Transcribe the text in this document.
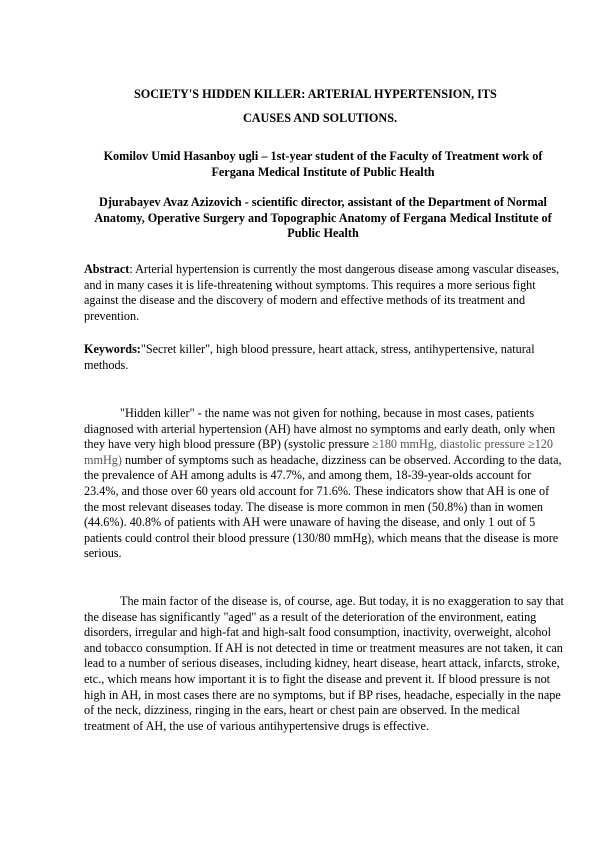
SOCIETY'S HIDDEN KILLER: ARTERIAL HYPERTENSION, ITS
CAUSES AND SOLUTIONS.
Komilov Umid Hasanboy ugli – 1st-year student of the Faculty of Treatment work of Fergana Medical Institute of Public Health
Djurabayev Avaz Azizovich - scientific director, assistant of the Department of Normal Anatomy, Operative Surgery and Topographic Anatomy of Fergana Medical Institute of Public Health
Abstract: Arterial hypertension is currently the most dangerous disease among vascular diseases, and in many cases it is life-threatening without symptoms. This requires a more serious fight against the disease and the discovery of modern and effective methods of its treatment and prevention.
Keywords:"Secret killer", high blood pressure, heart attack, stress, antihypertensive, natural methods.
"Hidden killer" - the name was not given for nothing, because in most cases, patients diagnosed with arterial hypertension (AH) have almost no symptoms and early death, only when they have very high blood pressure (BP) (systolic pressure ≥180 mmHg, diastolic pressure ≥120 mmHg) number of symptoms such as headache, dizziness can be observed. According to the data, the prevalence of AH among adults is 47.7%, and among them, 18-39-year-olds account for 23.4%, and those over 60 years old account for 71.6%. These indicators show that AH is one of the most relevant diseases today. The disease is more common in men (50.8%) than in women (44.6%). 40.8% of patients with AH were unaware of having the disease, and only 1 out of 5 patients could control their blood pressure (130/80 mmHg), which means that the disease is more serious.
The main factor of the disease is, of course, age. But today, it is no exaggeration to say that the disease has significantly "aged" as a result of the deterioration of the environment, eating disorders, irregular and high-fat and high-salt food consumption, inactivity, overweight, alcohol and tobacco consumption. If AH is not detected in time or treatment measures are not taken, it can lead to a number of serious diseases, including kidney, heart disease, heart attack, infarcts, stroke, etc., which means how important it is to fight the disease and prevent it. If blood pressure is not high in AH, in most cases there are no symptoms, but if BP rises, headache, especially in the nape of the neck, dizziness, ringing in the ears, heart or chest pain are observed. In the medical treatment of AH, the use of various antihypertensive drugs is effective.
